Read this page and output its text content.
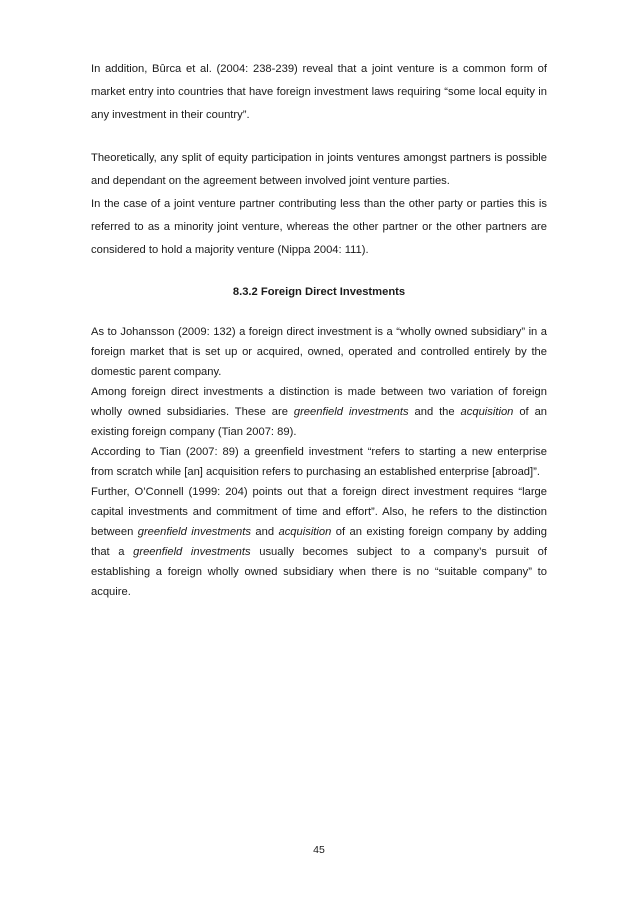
In addition, Bûrca et al. (2004: 238-239) reveal that a joint venture is a common form of market entry into countries that have foreign investment laws requiring “some local equity in any investment in their country”.

Theoretically, any split of equity participation in joints ventures amongst partners is possible and dependant on the agreement between involved joint venture parties.

In the case of a joint venture partner contributing less than the other party or parties this is referred to as a minority joint venture, whereas the other partner or the other partners are considered to hold a majority venture (Nippa 2004: 111).

8.3.2 Foreign Direct Investments

As to Johansson (2009: 132) a foreign direct investment is a “wholly owned subsidiary” in a foreign market that is set up or acquired, owned, operated and controlled entirely by the domestic parent company.

Among foreign direct investments a distinction is made between two variation of foreign wholly owned subsidiaries. These are greenfield investments and the acquisition of an existing foreign company (Tian 2007: 89).

According to Tian (2007: 89) a greenfield investment “refers to starting a new enterprise from scratch while [an] acquisition refers to purchasing an established enterprise [abroad]”.

Further, O’Connell (1999: 204) points out that a foreign direct investment requires “large capital investments and commitment of time and effort”. Also, he refers to the distinction between greenfield investments and acquisition of an existing foreign company by adding that a greenfield investments usually becomes subject to a company’s pursuit of establishing a foreign wholly owned subsidiary when there is no “suitable company” to acquire.

45
